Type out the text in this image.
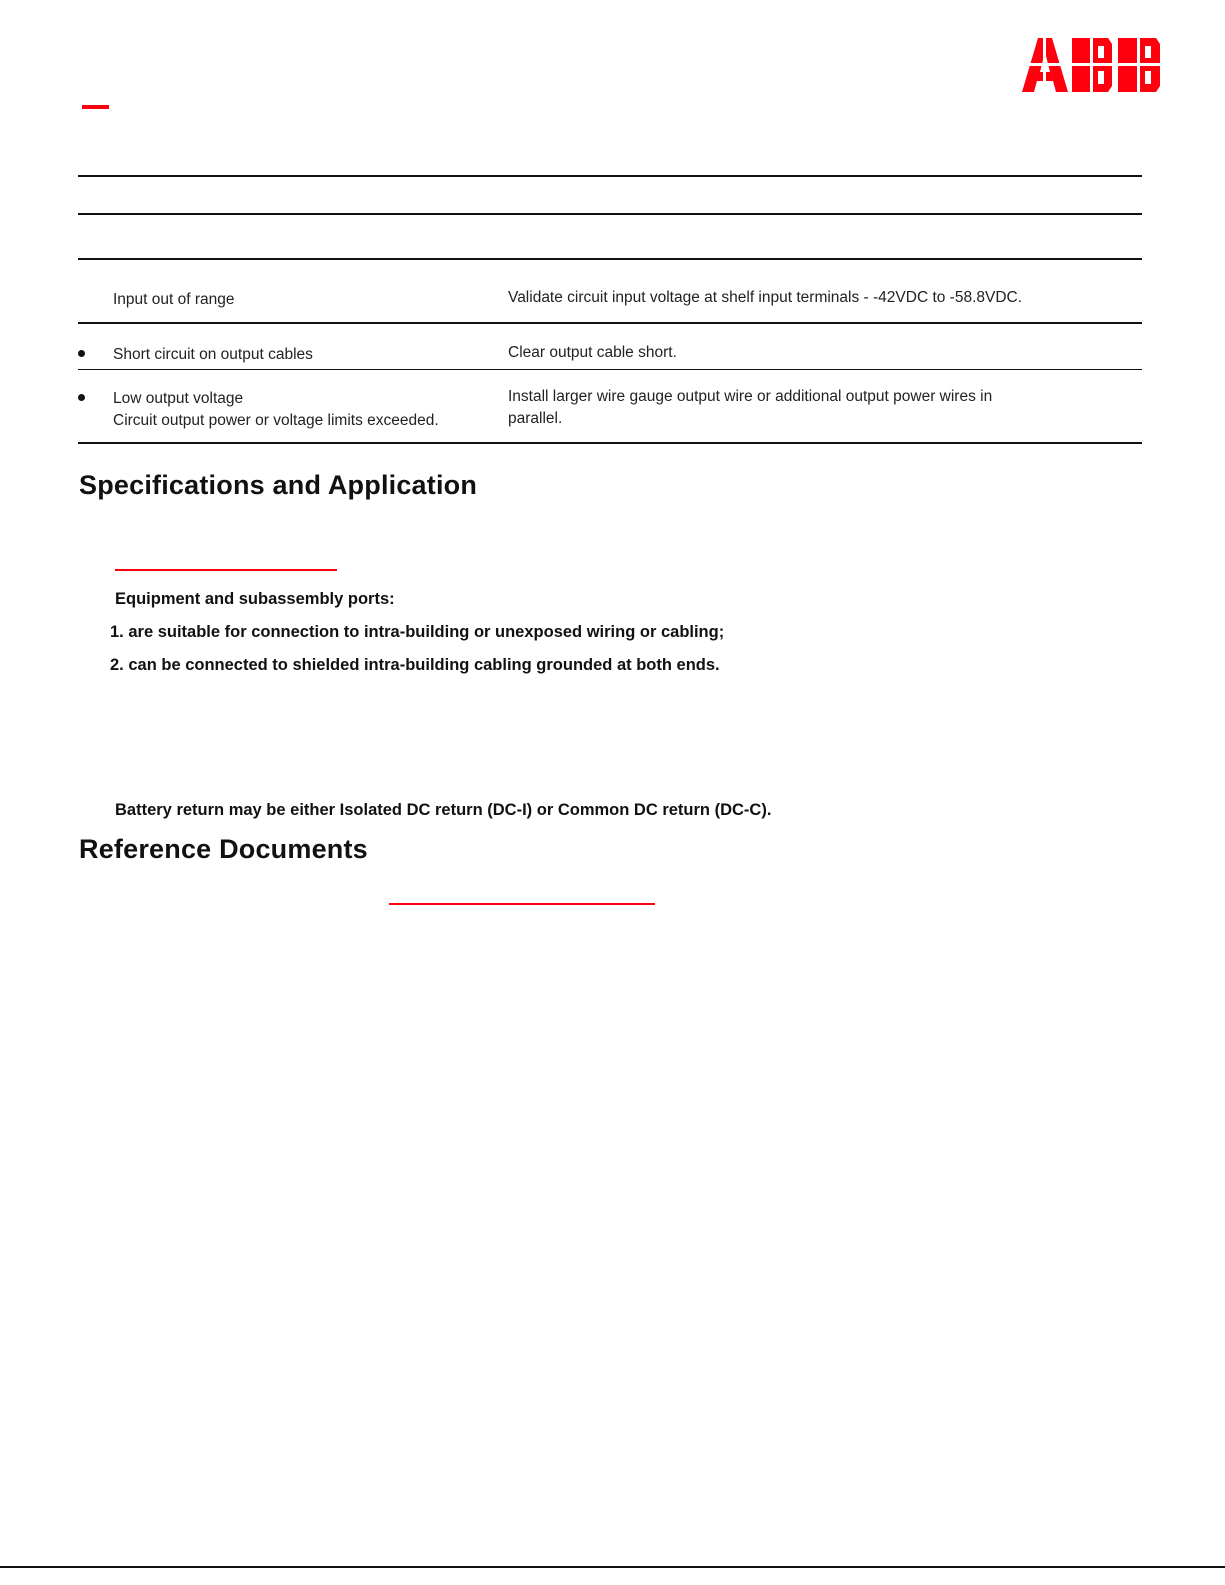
Input out of range	Validate circuit input voltage at shelf input terminals - -42VDC to -58.8VDC.
Short circuit on output cables	Clear output cable short.
Low output voltage
Circuit output power or voltage limits exceeded.
Install larger wire gauge output wire or additional output power wires in
parallel.
Specifications and Application
Equipment and subassembly ports:
1. are suitable for connection to intra-building or unexposed wiring or cabling;
2. can be connected to shielded intra-building cabling grounded at both ends.
Battery return may be either Isolated DC return (DC-I) or Common DC return (DC-C).
Reference Documents
